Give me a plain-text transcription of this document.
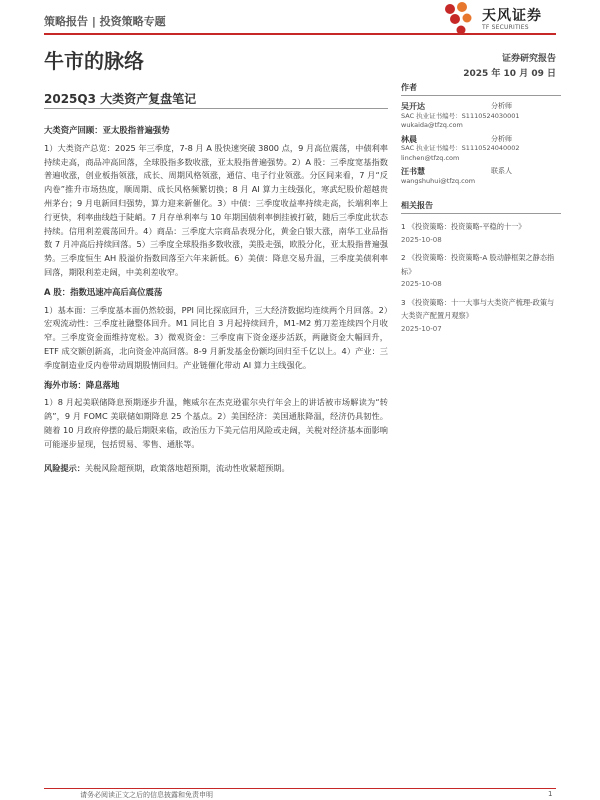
策略报告 | 投资策略专题	天风证券
TF SECURITIES
牛市的脉络	证券研究报告
2025 年 10 月 09 日
2025Q3 大类资产复盘笔记
大类资产回顾：亚太股指普遍强势

1）大类资产总览：2025 年三季度，7-8 月 A 股快速突破 3800 点，9 月高位震荡，中债利率持续走高，商品冲高回落，全球股指多数收涨，亚太股指普遍强势。2）A 股：三季度宽基指数普遍收涨，创业板指领涨，成长、周期风格领涨，通信、电子行业领涨。分区间来看，7 月“反内卷”推升市场热度，顺周期、成长风格频繁切换；8 月 AI 算力主线强化，寒武纪股价超越贵州茅台；9 月电新回归强势，算力迎来新催化。3）中债：三季度收益率持续走高，长端利率上行更快，利率曲线趋于陡峭。7 月存单利率与 10 年期国债利率倒挂被打破，随后三季度此状态持续。信用利差震荡回升。4）商品：三季度大宗商品表现分化，黄金白银大涨，南华工业品指数 7 月冲高后持续回落。5）三季度全球股指多数收涨，美股走强，欧股分化，亚太股指普遍强势。三季度恒生 AH 股溢价指数回落至六年来新低。6）美债：降息交易升温，三季度美债利率回落，期限利差走阔，中美利差收窄。

A 股：指数迅速冲高后高位震荡

1）基本面：三季度基本面仍然较弱，PPI 同比探底回升，三大经济数据均连续两个月回落。2）宏观流动性：三季度社融整体回升。M1 同比自 3 月起持续回升，M1-M2 剪刀差连续四个月收窄。三季度资金面维持宽松。3）微观资金：三季度南下资金逐步活跃，两融资金大幅回升，ETF 成交额创新高，北向资金冲高回落。8-9 月新发基金份额均回归至千亿以上。4）产业：三季度制造业反内卷带动周期股情回归。产业链催化带动 AI 算力主线强化。

海外市场：降息落地

1）8 月起美联储降息预期逐步升温，鲍威尔在杰克逊霍尔央行年会上的讲话被市场解读为“转鸽”，9 月 FOMC 美联储如期降息 25 个基点。2）美国经济：美国通胀降温，经济仍具韧性。随着 10 月政府停摆的最后期限来临，政治压力下美元信用风险或走阔，关税对经济基本面影响可能逐步显现，包括贸易、零售、通胀等。

风险提示：关税风险超预期，政策落地超预期，流动性收紧超预期。

作者
吴开达	分析师
SAC 执业证书编号：S1110524030001
wukaida@tfzq.com
林晨	分析师
SAC 执业证书编号：S1110524040002
linchen@tfzq.com
汪书慧	联系人
wangshuhui@tfzq.com
相关报告
1 《投资策略：投资策略-平稳的十一》
2025-10-08
2 《投资策略：投资策略-A 股动静框架之静态指标》
2025-10-08
3 《投资策略：十一大事与大类资产梳理-政策与大类资产配置月观察》
2025-10-07
请务必阅读正文之后的信息披露和免责申明	1
